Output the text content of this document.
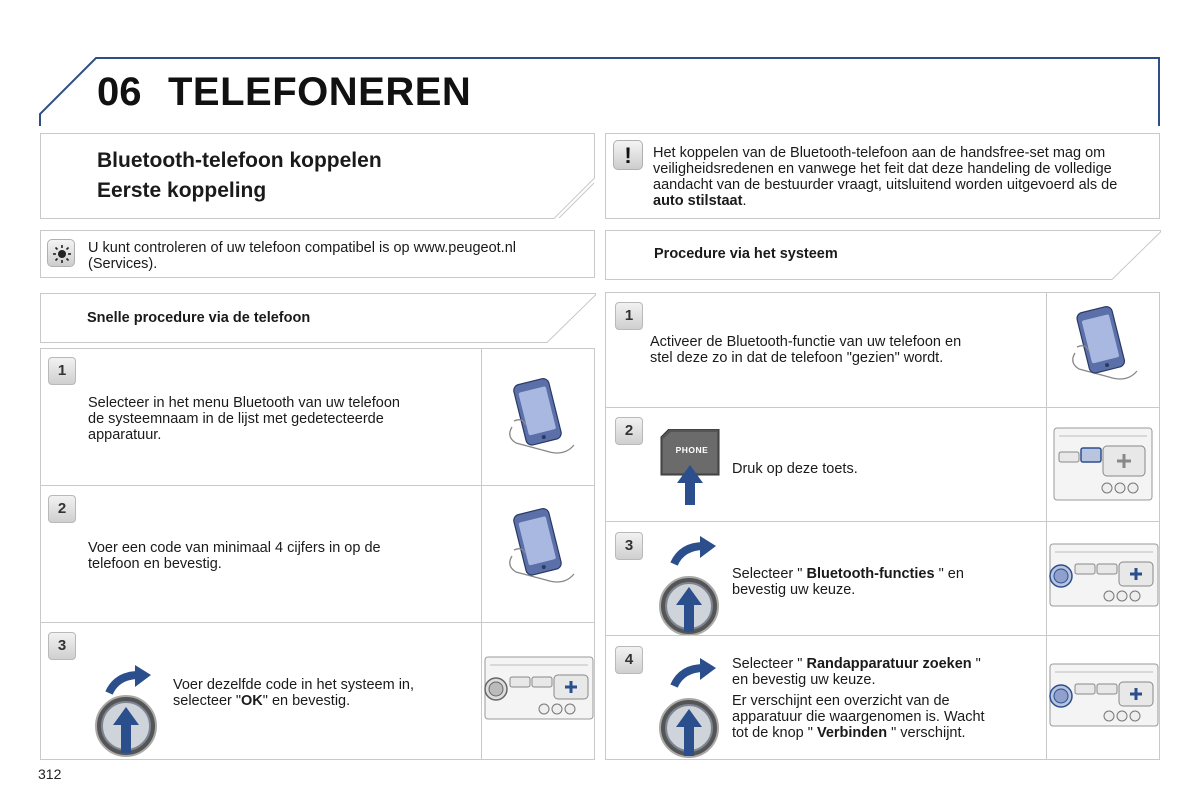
06 TELEFONEREN
Bluetooth-telefoon koppelen
Eerste koppeling
!	Het koppelen van de Bluetooth-telefoon aan de handsfree-set mag om veiligheidsredenen en vanwege het feit dat deze handeling de volledige aandacht van de bestuurder vraagt, uitsluitend worden uitgevoerd als de auto stilstaat.
U kunt controleren of uw telefoon compatibel is op www.peugeot.nl
(Services).
Procedure via het systeem
Snelle procedure via de telefoon
1
Selecteer in het menu Bluetooth van uw telefoon
de systeemnaam in de lijst met gedetecteerde
apparatuur.
2
Voer een code van minimaal 4 cijfers in op de
telefoon en bevestig.
3
Voer dezelfde code in het systeem in,
selecteer "OK" en bevestig.
1
Activeer de Bluetooth-functie van uw telefoon en
stel deze zo in dat de telefoon "gezien" wordt.
2
PHONE
Druk op deze toets.
3
Selecteer " Bluetooth-functies " en
bevestig uw keuze.
4	Selecteer " Randapparatuur zoeken "
en bevestig uw keuze.
Er verschijnt een overzicht van de
apparatuur die waargenomen is. Wacht
tot de knop " Verbinden " verschijnt.
312
